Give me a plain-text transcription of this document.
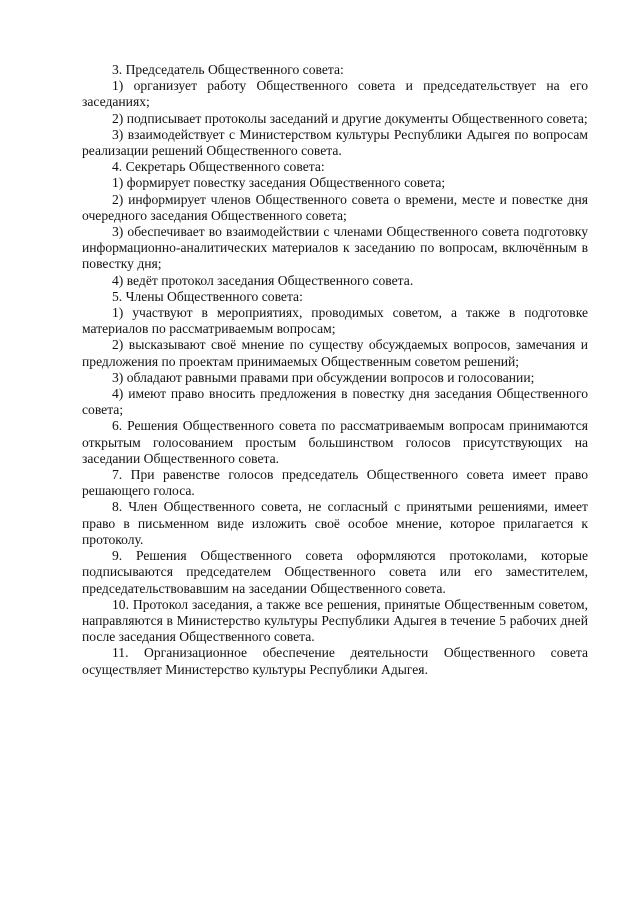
3. Председатель Общественного совета:

1) организует работу Общественного совета и председательствует на его заседаниях;

2) подписывает протоколы заседаний и другие документы Общественного совета;

3) взаимодействует с Министерством культуры Республики Адыгея по вопросам реализации решений Общественного совета.

4. Секретарь Общественного совета:

1) формирует повестку заседания Общественного совета;

2) информирует членов Общественного совета о времени, месте и повестке дня очередного заседания Общественного совета;

3) обеспечивает во взаимодействии с членами Общественного совета подготовку информационно-аналитических материалов к заседанию по вопросам, включённым в повестку дня;

4) ведёт протокол заседания Общественного совета.

5. Члены Общественного совета:

1) участвуют в мероприятиях, проводимых советом, а также в подготовке материалов по рассматриваемым вопросам;

2) высказывают своё мнение по существу обсуждаемых вопросов, замечания и предложения по проектам принимаемых Общественным советом решений;

3) обладают равными правами при обсуждении вопросов и голосовании;

4) имеют право вносить предложения в повестку дня заседания Общественного совета;

6. Решения Общественного совета по рассматриваемым вопросам принимаются открытым голосованием простым большинством голосов присутствующих на заседании Общественного совета.

7. При равенстве голосов председатель Общественного совета имеет право решающего голоса.

8. Член Общественного совета, не согласный с принятыми решениями, имеет право в письменном виде изложить своё особое мнение, которое прилагается к протоколу.

9. Решения Общественного совета оформляются протоколами, которые подписываются председателем Общественного совета или его заместителем, председательствовавшим на заседании Общественного совета.

10. Протокол заседания, а также все решения, принятые Общественным советом, направляются в Министерство культуры Республики Адыгея в течение 5 рабочих дней после заседания Общественного совета.

11. Организационное обеспечение деятельности Общественного совета осуществляет Министерство культуры Республики Адыгея.
